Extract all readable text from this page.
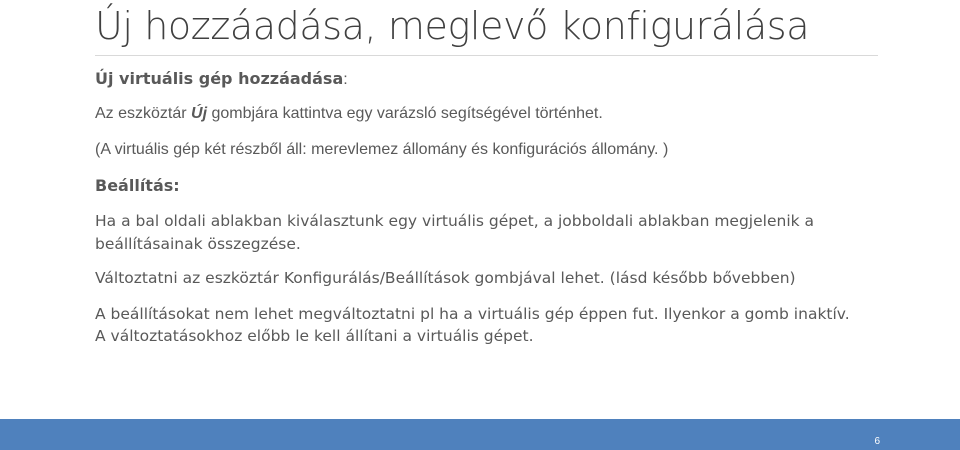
Új hozzáadása, meglevő konfigurálása
Új virtuális gép hozzáadása:
Az eszköztár Új gombjára kattintva egy varázsló segítségével történhet.
(A virtuális gép két részből áll: merevlemez állomány és konfigurációs állomány. )
Beállítás:
Ha a bal oldali ablakban kiválasztunk egy virtuális gépet, a jobboldali ablakban megjelenik a
beállításainak összegzése.
Változtatni az eszköztár Konfigurálás/Beállítások gombjával lehet. (lásd később bővebben)
A beállításokat nem lehet megváltoztatni pl ha a virtuális gép éppen fut. Ilyenkor a gomb inaktív.
A változtatásokhoz előbb le kell állítani a virtuális gépet.
6
